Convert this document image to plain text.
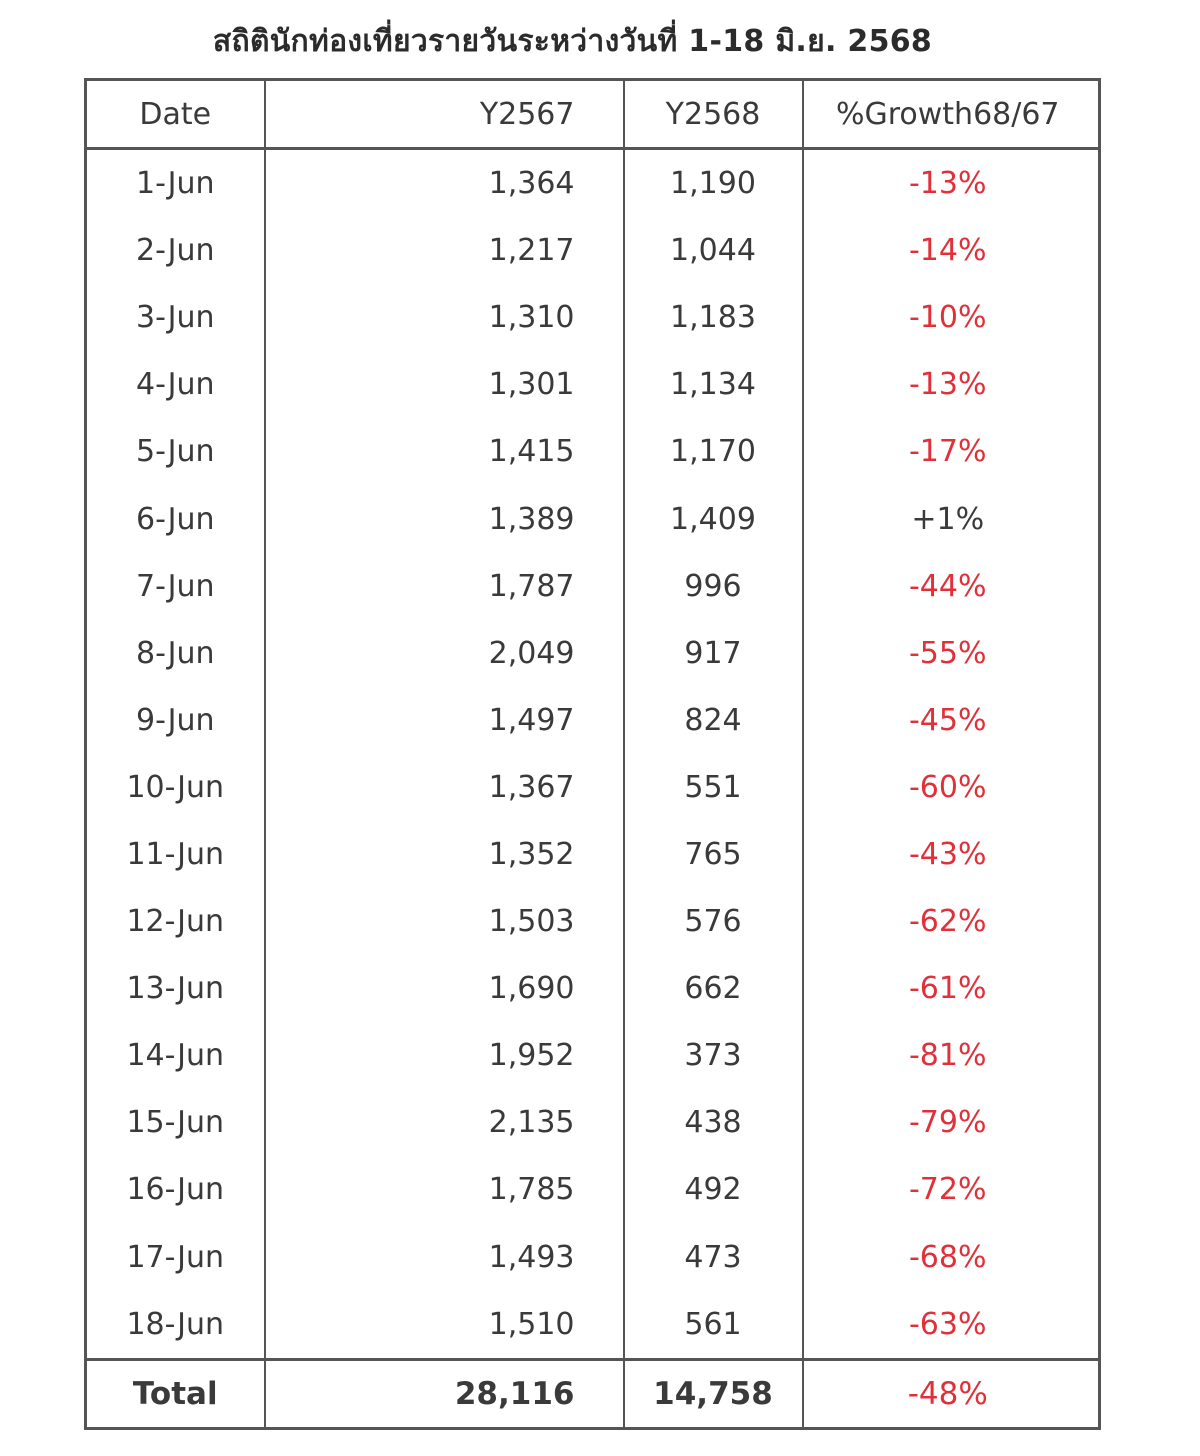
สถิตินักท่องเที่ยวรายวันระหว่างวันที่ 1-18 มิ.ย. 2568
Date	Y2567	Y2568	%Growth68/67
1-Jun	1,364	1,190	-13%
2-Jun	1,217	1,044	-14%
3-Jun	1,310	1,183	-10%
4-Jun	1,301	1,134	-13%
5-Jun	1,415	1,170	-17%
6-Jun	1,389	1,409	+1%
7-Jun	1,787	996	-44%
8-Jun	2,049	917	-55%
9-Jun	1,497	824	-45%
10-Jun	1,367	551	-60%
11-Jun	1,352	765	-43%
12-Jun	1,503	576	-62%
13-Jun	1,690	662	-61%
14-Jun	1,952	373	-81%
15-Jun	2,135	438	-79%
16-Jun	1,785	492	-72%
17-Jun	1,493	473	-68%
18-Jun	1,510	561	-63%
Total	28,116	14,758	-48%
